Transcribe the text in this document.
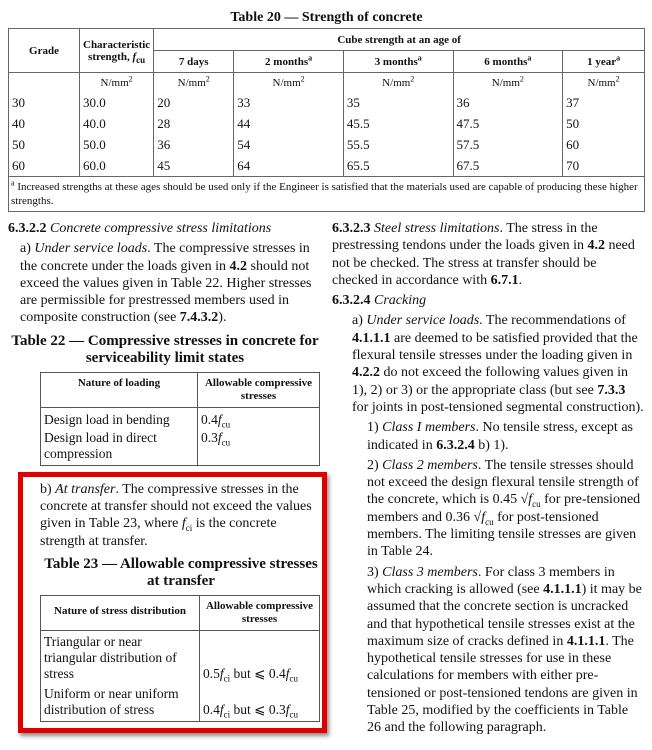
Table 20 — Strength of concrete
Grade	Characteristic strength, $f_{cu}$	Cube strength at an age of				
		7 days	2 months$^a$	3 months$^a$	6 months$^a$	1 year$^a$
	$N/mm^2$	$N/mm^2$	$N/mm^2$	$N/mm^2$	$N/mm^2$	$N/mm^2$
30	30.0	20	33	35	36	37
40	40.0	28	44	45.5	47.5	50
50	50.0	36	54	55.5	57.5	60
60	60.0	45	64	65.5	67.5	70
$^a$ Increased strengths at these ages should be used only if the Engineer is satisfied that the materials used are capable of producing these higher strengths.						
6.3.2.2 Concrete compressive stress limitations
a) Under service loads. The compressive stresses in the concrete under the loads given in 4.2 should not exceed the values given in Table 22. Higher stresses are permissible for prestressed members used in composite construction (see 7.4.3.2).
Table 22 — Compressive stresses in concrete for serviceability limit states
Nature of loading	Allowable compressive stresses
Design load in bending	$0.4f_{cu}$
Design load in direct compression	$0.3f_{cu}$
b) At transfer. The compressive stresses in the concrete at transfer should not exceed the values given in Table 23, where $f_{ci}$ is the concrete strength at transfer.
Table 23 — Allowable compressive stresses at transfer
Nature of stress distribution	Allowable compressive stresses
Triangular or near triangular distribution of stress	$0.5f_{ci}$ but ⩽ $0.4f_{cu}$
Uniform or near uniform distribution of stress	$0.4f_{ci}$ but ⩽ $0.3f_{cu}$
6.3.2.3 Steel stress limitations. The stress in the prestressing tendons under the loads given in 4.2 need not be checked. The stress at transfer should be checked in accordance with 6.7.1.
6.3.2.4 Cracking
a) Under service loads. The recommendations of 4.1.1.1 are deemed to be satisfied provided that the flexural tensile stresses under the loading given in 4.2.2 do not exceed the following values given in 1), 2) or 3) or the appropriate class (but see 7.3.3 for joints in post-tensioned segmental construction).
1) Class I members. No tensile stress, except as indicated in 6.3.2.4 b) 1).
2) Class 2 members. The tensile stresses should not exceed the design flexural tensile strength of the concrete, which is 0.45 $√f_{cu}$ for pre-tensioned members and 0.36 $√f_{cu}$ for post-tensioned members. The limiting tensile stresses are given in Table 24.
3) Class 3 members. For class 3 members in which cracking is allowed (see 4.1.1.1) it may be assumed that the concrete section is uncracked and that hypothetical tensile stresses exist at the maximum size of cracks defined in 4.1.1.1. The hypothetical tensile stresses for use in these calculations for members with either pre-tensioned or post-tensioned tendons are given in Table 25, modified by the coefficients in Table 26 and the following paragraph.
